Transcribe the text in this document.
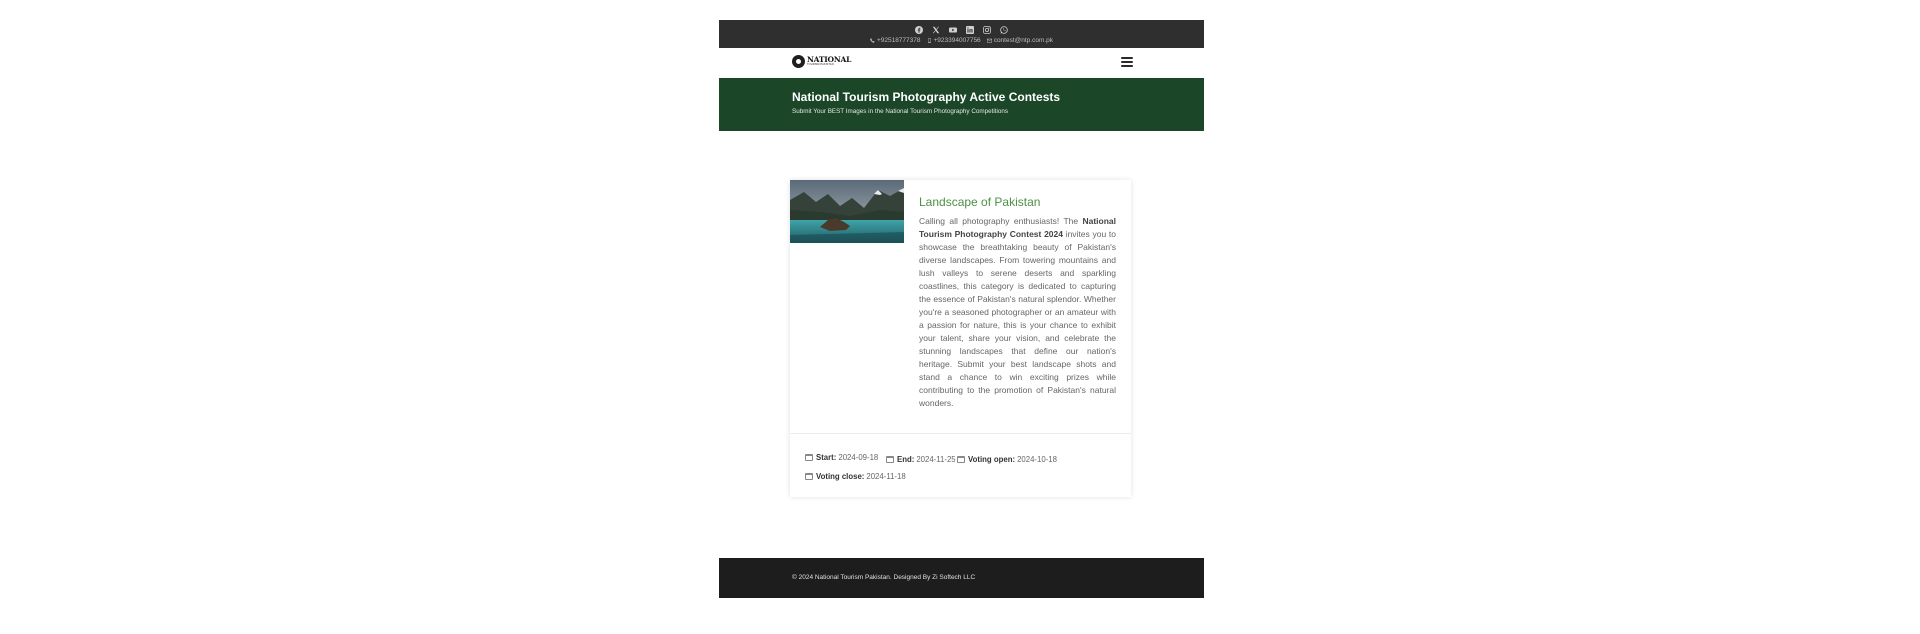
+92518777378 +923394007756 contest@ntp.com.pk
NATIONAL
TOURISM PAKISTAN
National Tourism Photography Active Contests

Submit Your BEST Images in the National Tourism Photography Competitions

Landscape of Pakistan

Calling all photography enthusiasts! The National Tourism Photography Contest 2024 invites you to showcase the breathtaking beauty of Pakistan's diverse landscapes. From towering mountains and lush valleys to serene deserts and sparkling coastlines, this category is dedicated to capturing the essence of Pakistan's natural splendor. Whether you're a seasoned photographer or an amateur with a passion for nature, this is your chance to exhibit your talent, share your vision, and celebrate the stunning landscapes that define our nation's heritage. Submit your best landscape shots and stand a chance to win exciting prizes while contributing to the promotion of Pakistan's natural wonders.

Start: 2024-09-18 End: 2024-11-25 Voting open: 2024-10-18
Voting close: 2024-11-18
© 2024 National Tourism Pakistan. Designed By Zi Softech LLC
